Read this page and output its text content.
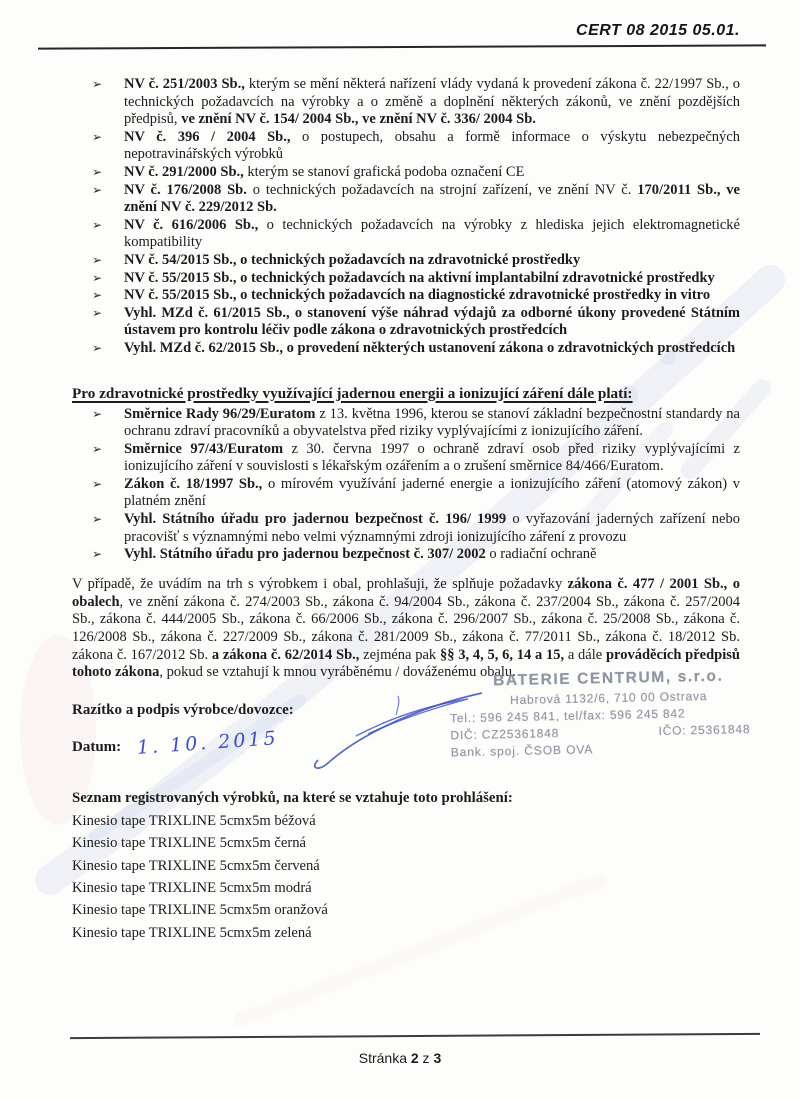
CERT 08 2015 05.01.
➢ NV č. 251/2003 Sb., kterým se mění některá nařízení vlády vydaná k provedení zákona č. 22/1997 Sb., o technických požadavcích na výrobky a o změně a doplnění některých zákonů, ve znění pozdějších předpisů, ve znění NV č. 154/ 2004 Sb., ve znění NV č. 336/ 2004 Sb.
➢ NV č. 396 / 2004 Sb., o postupech, obsahu a formě informace o výskytu nebezpečných nepotravinářských výrobků
➢ NV č. 291/2000 Sb., kterým se stanoví grafická podoba označení CE
➢ NV č. 176/2008 Sb. o technických požadavcích na strojní zařízení, ve znění NV č. 170/2011 Sb., ve znění NV č. 229/2012 Sb.
➢ NV č. 616/2006 Sb., o technických požadavcích na výrobky z hlediska jejich elektromagnetické kompatibility
➢ NV č. 54/2015 Sb., o technických požadavcích na zdravotnické prostředky
➢ NV č. 55/2015 Sb., o technických požadavcích na aktivní implantabilní zdravotnické prostředky
➢ NV č. 55/2015 Sb., o technických požadavcích na diagnostické zdravotnické prostředky in vitro
➢ Vyhl. MZd č. 61/2015 Sb., o stanovení výše náhrad výdajů za odborné úkony provedené Státním ústavem pro kontrolu léčiv podle zákona o zdravotnických prostředcích
➢ Vyhl. MZd č. 62/2015 Sb., o provedení některých ustanovení zákona o zdravotnických prostředcích
Pro zdravotnické prostředky využívající jadernou energii a ionizující záření dále platí:
➢ Směrnice Rady 96/29/Euratom z 13. května 1996, kterou se stanoví základní bezpečnostní standardy na ochranu zdraví pracovníků a obyvatelstva před riziky vyplývajícími z ionizujícího záření.
➢ Směrnice 97/43/Euratom z 30. června 1997 o ochraně zdraví osob před riziky vyplývajícími z ionizujícího záření v souvislosti s lékařským ozářením a o zrušení směrnice 84/466/Euratom.
➢ Zákon č. 18/1997 Sb., o mírovém využívání jaderné energie a ionizujícího záření (atomový zákon) v platném znění
➢ Vyhl. Státního úřadu pro jadernou bezpečnost č. 196/ 1999 o vyřazování jaderných zařízení nebo pracovišť s významnými nebo velmi významnými zdroji ionizujícího záření z provozu
➢ Vyhl. Státního úřadu pro jadernou bezpečnost č. 307/ 2002 o radiační ochraně

V případě, že uvádím na trh s výrobkem i obal, prohlašuji, že splňuje požadavky zákona č. 477 / 2001 Sb., o obalech, ve znění zákona č. 274/2003 Sb., zákona č. 94/2004 Sb., zákona č. 237/2004 Sb., zákona č. 257/2004 Sb., zákona č. 444/2005 Sb., zákona č. 66/2006 Sb., zákona č. 296/2007 Sb., zákona č. 25/2008 Sb., zákona č. 126/2008 Sb., zákona č. 227/2009 Sb., zákona č. 281/2009 Sb., zákona č. 77/2011 Sb., zákona č. 18/2012 Sb. zákona č. 167/2012 Sb. a zákona č. 62/2014 Sb., zejména pak §§ 3, 4, 5, 6, 14 a 15, a dále prováděcích předpisů tohoto zákona, pokud se vztahují k mnou vyráběnému / dováženému obalu.

Razítko a podpis výrobce/dovozce:
Datum: 1. 10. 2015
BATERIE CENTRUM, s.r.o.
Habrová 1132/6, 710 00 Ostrava
Tel.: 596 245 841, tel/fax: 596 245 842
DIČ: CZ25361848	IČO: 25361848
Bank. spoj. ČSOB OVA
Seznam registrovaných výrobků, na které se vztahuje toto prohlášení:
Kinesio tape TRIXLINE 5cmx5m béžová
Kinesio tape TRIXLINE 5cmx5m černá
Kinesio tape TRIXLINE 5cmx5m červená
Kinesio tape TRIXLINE 5cmx5m modrá
Kinesio tape TRIXLINE 5cmx5m oranžová
Kinesio tape TRIXLINE 5cmx5m zelená
Stránka 2 z 3
